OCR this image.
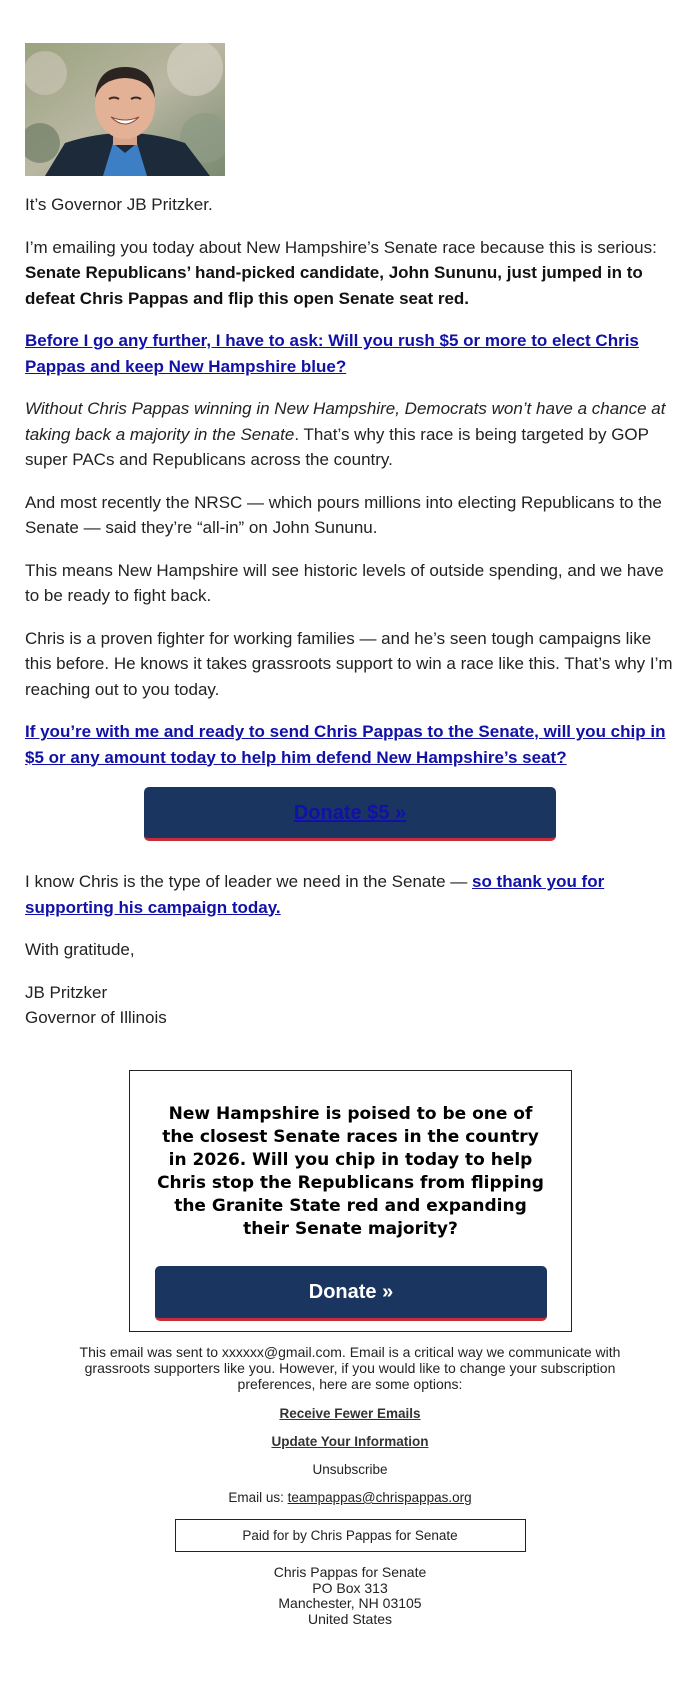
It’s Governor JB Pritzker.

I’m emailing you today about New Hampshire’s Senate race because this is serious: Senate Republicans’ hand-picked candidate, John Sununu, just jumped in to defeat Chris Pappas and flip this open Senate seat red.

Before I go any further, I have to ask: Will you rush $5 or more to elect Chris Pappas and keep New Hampshire blue?

Without Chris Pappas winning in New Hampshire, Democrats won’t have a chance at taking back a majority in the Senate. That’s why this race is being targeted by GOP super PACs and Republicans across the country.

And most recently the NRSC — which pours millions into electing Republicans to the Senate — said they’re “all-in” on John Sununu.

This means New Hampshire will see historic levels of outside spending, and we have to be ready to fight back.

Chris is a proven fighter for working families — and he’s seen tough campaigns like this before. He knows it takes grassroots support to win a race like this. That’s why I’m reaching out to you today.

If you’re with me and ready to send Chris Pappas to the Senate, will you chip in $5 or any amount today to help him defend New Hampshire’s seat?

Donate $5 »

I know Chris is the type of leader we need in the Senate — so thank you for supporting his campaign today.

With gratitude,

JB Pritzker
Governor of Illinois

New Hampshire is poised to be one of the closest Senate races in the country in 2026. Will you chip in today to help Chris stop the Republicans from flipping the Granite State red and expanding their Senate majority?
Donate »
This email was sent to xxxxxx@gmail.com. Email is a critical way we communicate with grassroots supporters like you. However, if you would like to change your subscription preferences, here are some options:
Receive Fewer Emails
Update Your Information
Unsubscribe
Email us: teampappas@chrispappas.org
Paid for by Chris Pappas for Senate
Chris Pappas for Senate
PO Box 313
Manchester, NH 03105
United States
